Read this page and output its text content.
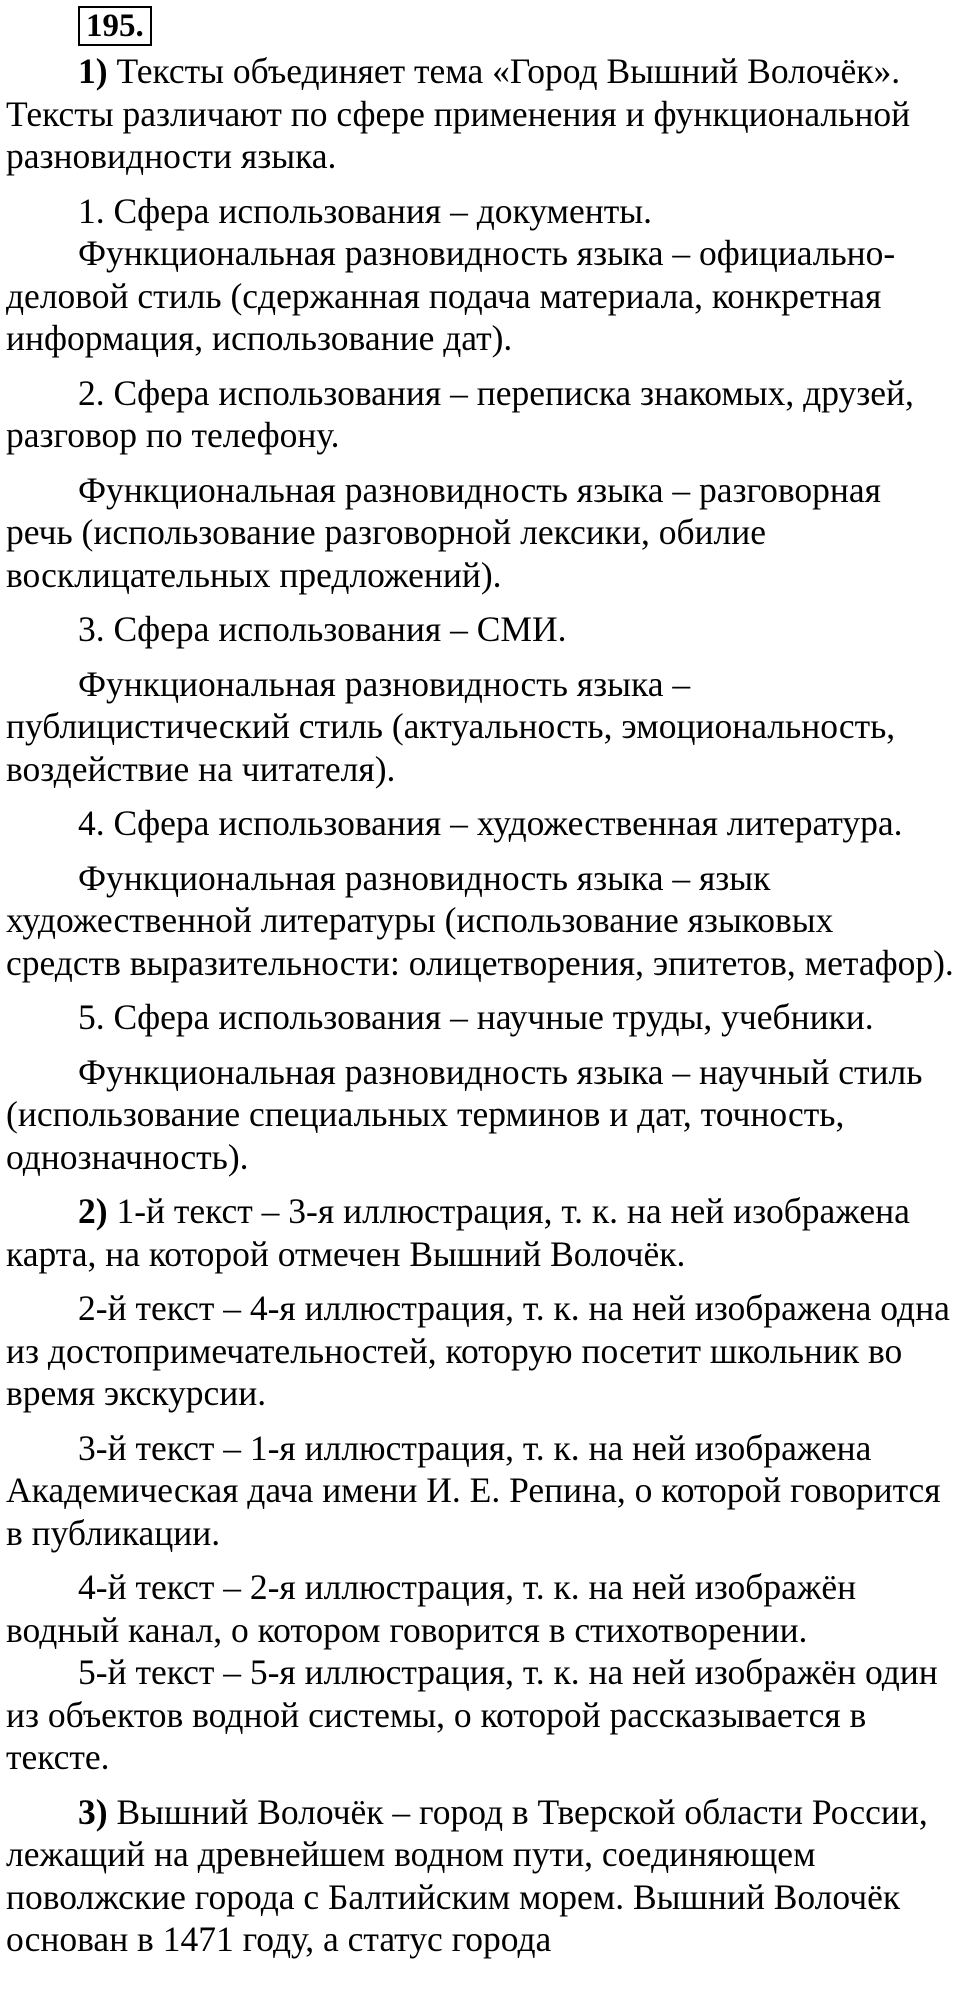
195.

1) Тексты объединяет тема «Город Вышний Волочёк».
Тексты различают по сфере применения и функциональной разновидности языка.

1. Сфера использования – документы.

Функциональная разновидность языка – официально-деловой стиль (сдержанная подача материала, конкретная информация, использование дат).

2. Сфера использования – переписка знакомых, друзей, разговор по телефону.

Функциональная разновидность языка – разговорная речь (использование разговорной лексики, обилие восклицательных предложений).

3. Сфера использования – СМИ.

Функциональная разновидность языка – публицистический стиль (актуальность, эмоциональность, воздействие на читателя).

4. Сфера использования – художественная литература.

Функциональная разновидность языка – язык художественной литературы (использование языковых средств выразительности: олицетворения, эпитетов, метафор).

5. Сфера использования – научные труды, учебники.

Функциональная разновидность языка – научный стиль (использование специальных терминов и дат, точность, однозначность).

2) 1-й текст – 3-я иллюстрация, т. к. на ней изображена карта, на которой отмечен Вышний Волочёк.

2-й текст – 4-я иллюстрация, т. к. на ней изображена одна из достопримечательностей, которую посетит школьник во время экскурсии.

3-й текст – 1-я иллюстрация, т. к. на ней изображена Академическая дача имени И. Е. Репина, о которой говорится в публикации.

4-й текст – 2-я иллюстрация, т. к. на ней изображён водный канал, о котором говорится в стихотворении.

5-й текст – 5-я иллюстрация, т. к. на ней изображён один из объектов водной системы, о которой рассказывается в тексте.

3) Вышний Волочёк – город в Тверской области России, лежащий на древнейшем водном пути, соединяющем поволжские города с Балтийским морем. Вышний Волочёк основан в 1471 году, а статус города
